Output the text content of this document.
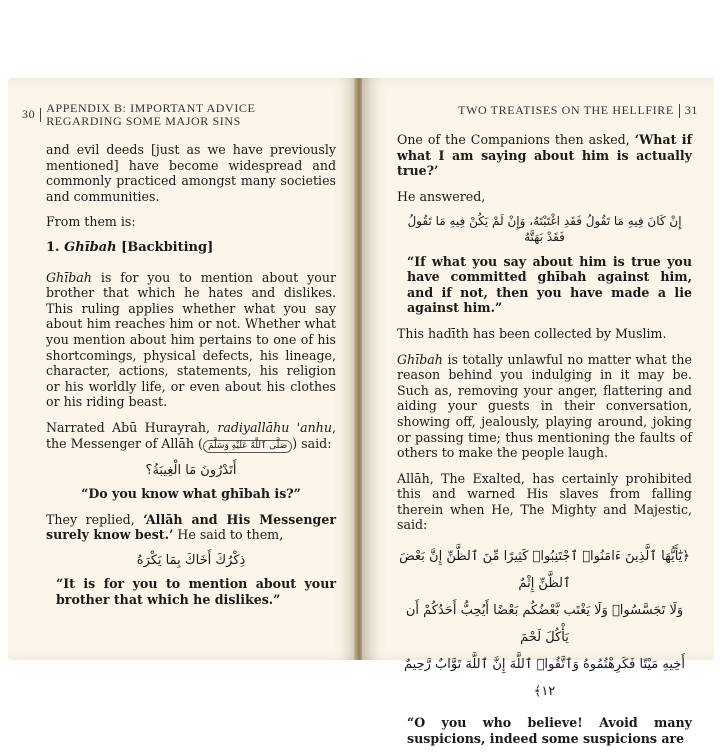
30 APPENDIX B: IMPORTANT ADVICE
REGARDING SOME MAJOR SINS

and evil deeds [just as we have previously mentioned] have become widespread and commonly practiced amongst many societies and communities.

From them is:

1. Ghībah [Backbiting]

Ghībah is for you to mention about your brother that which he hates and dislikes. This ruling applies whether what you say about him reaches him or not. Whether what you mention about him pertains to one of his shortcomings, physical defects, his lineage, character, actions, statements, his religion or his worldly life, or even about his clothes or his riding beast.

Narrated Abū Hurayrah, radiyallāhu 'anhu, the Messenger of Allāh ( صَلَّى ٱللَّهُ عَلَيْهِ وَسَلَّمَ ) said:

أَتَدْرُونَ مَا الْغِيبَةُ؟
“Do you know what ghībah is?”

They replied, ‘Allāh and His Messenger surely know best.’ He said to them,

ذِكْرُكَ أَخَاكَ بِمَا يَكْرَهُ

“It is for you to mention about your brother that which he dislikes.”

TWO TREATISES ON THE HELLFIRE 31

One of the Companions then asked, ‘What if what I am saying about him is actually true?’

He answered,

إِنْ كَانَ فِيهِ مَا تَقُولُ فَقَدِ اغْتَبْتَهُ، وَإِنْ لَمْ يَكُنْ فِيهِ مَا تَقُولُ فَقَدْ بَهَتَّهُ

“If what you say about him is true you have committed ghībah against him, and if not, then you have made a lie against him.”

This hadīth has been collected by Muslim.

Ghībah is totally unlawful no matter what the reason behind you indulging in it may be. Such as, removing your anger, flattering and aiding your guests in their conversation, showing off, jealously, playing around, joking or passing time; thus mentioning the faults of others to make the people laugh.

Allāh, The Exalted, has certainly prohibited this and warned His slaves from falling therein when He, The Mighty and Majestic, said:

﴿يَٰٓأَيُّهَا ٱلَّذِينَ ءَامَنُوا۟ ٱجْتَنِبُوا۟ كَثِيرًا مِّنَ ٱلظَّنِّ إِنَّ بَعْضَ ٱلظَّنِّ إِثْمٌ
وَلَا تَجَسَّسُوا۟ وَلَا يَغْتَب بَّعْضُكُم بَعْضًا أَيُحِبُّ أَحَدُكُمْ أَن يَأْكُلَ لَحْمَ
أَخِيهِ مَيْتًا فَكَرِهْتُمُوهُ وَٱتَّقُوا۟ ٱللَّهَ إِنَّ ٱللَّهَ تَوَّابٌ رَّحِيمٌ ١٢﴾

“O you who believe! Avoid many suspicions, indeed some suspicions are
